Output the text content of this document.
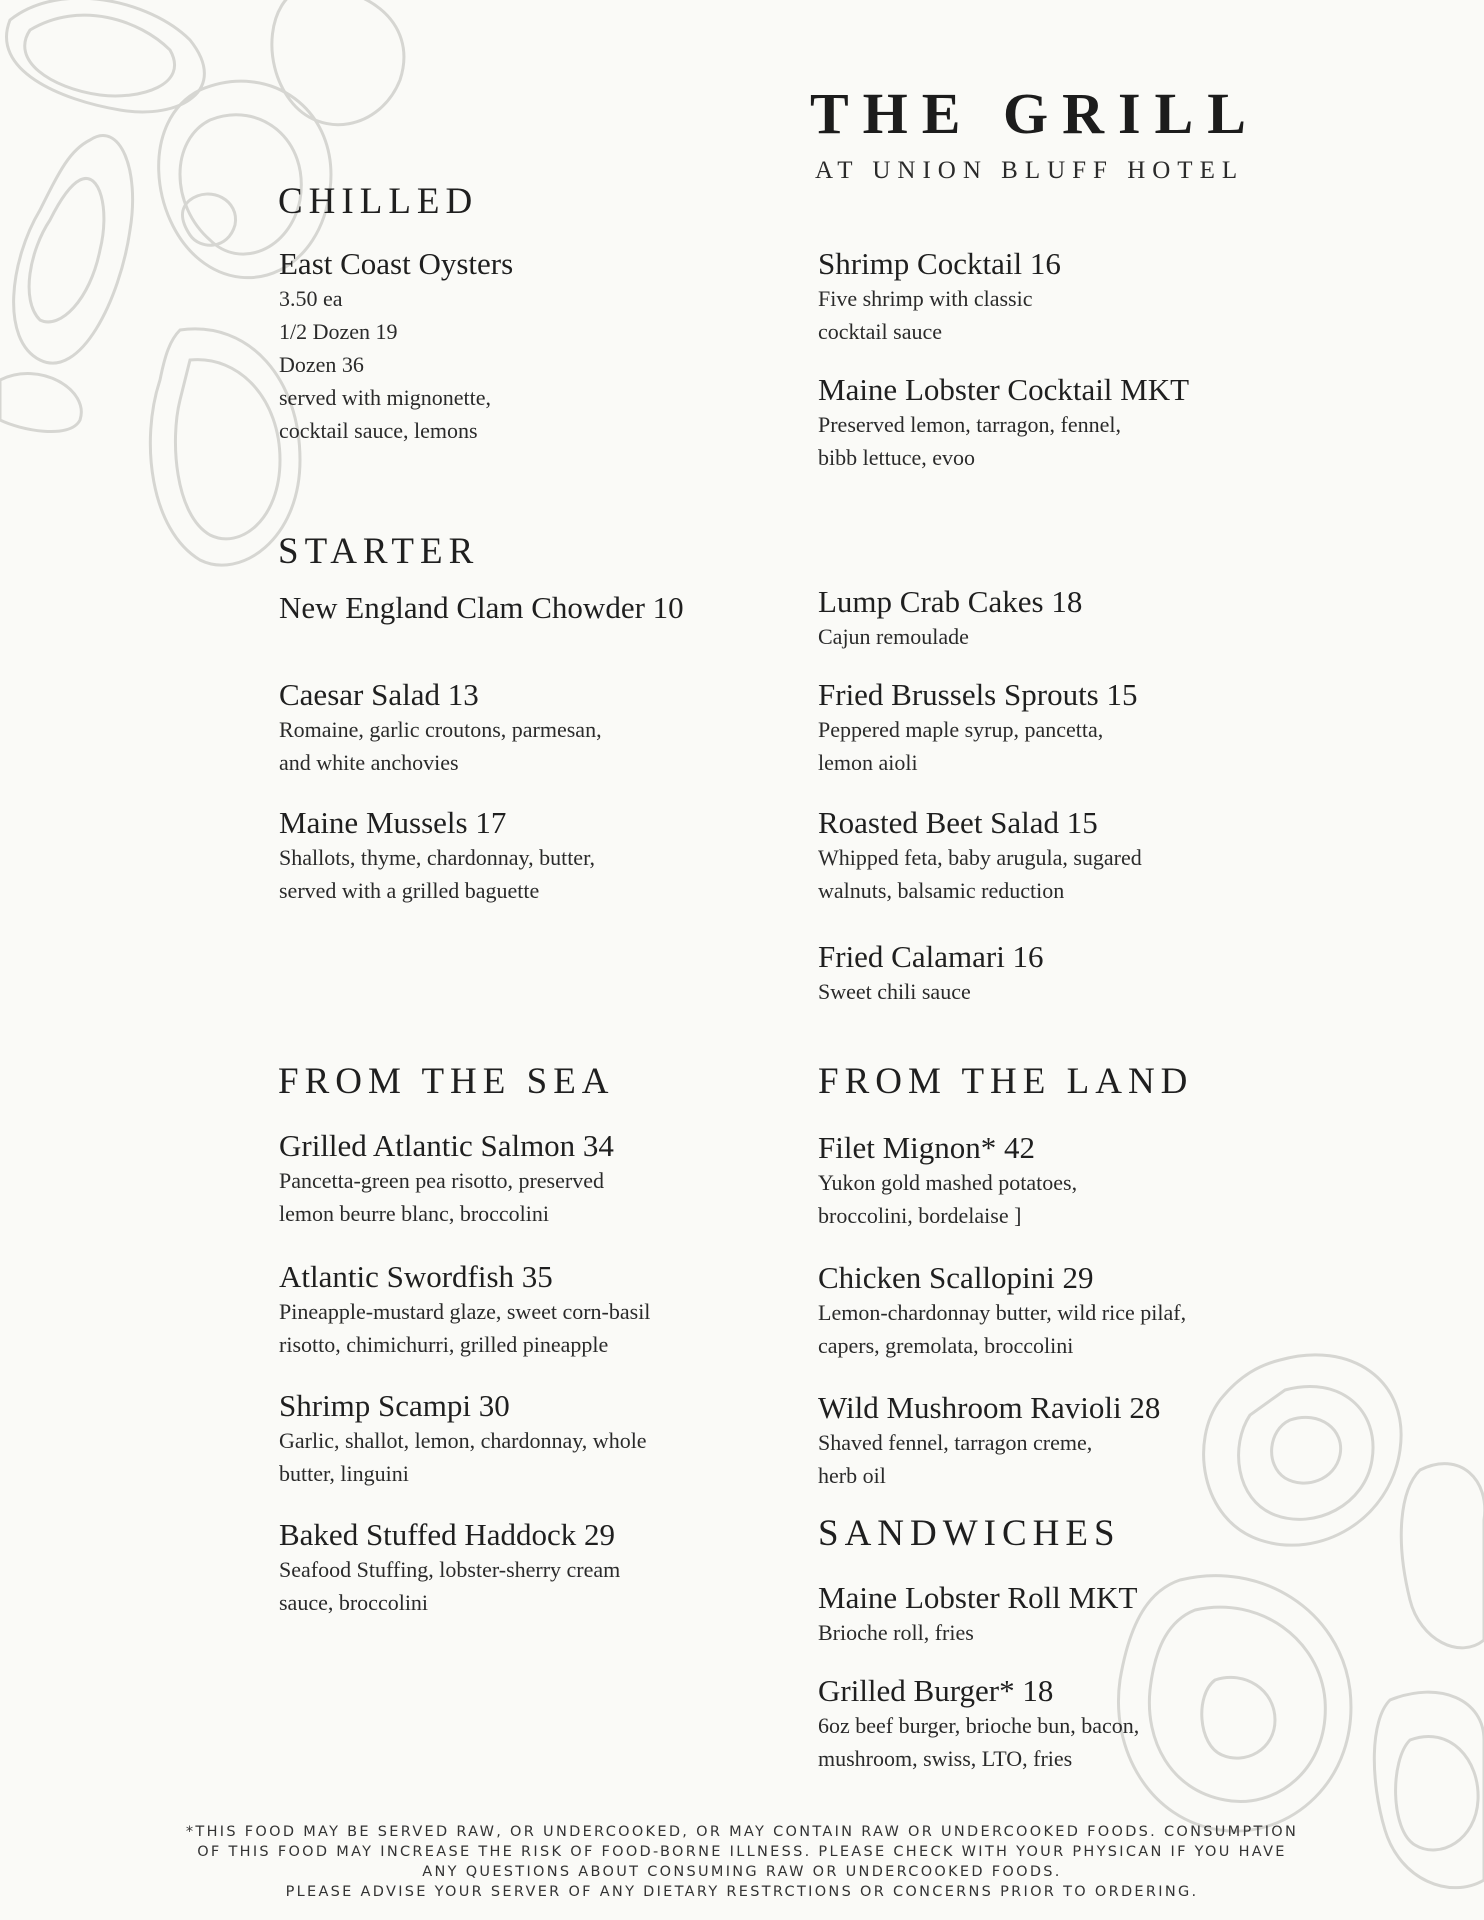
THE GRILL
AT UNION BLUFF HOTEL
CHILLED
East Coast Oysters
3.50 ea
1/2 Dozen 19
Dozen 36
served with mignonette,
cocktail sauce, lemons
Shrimp Cocktail 16
Five shrimp with classic
cocktail sauce
Maine Lobster Cocktail MKT
Preserved lemon, tarragon, fennel,
bibb lettuce, evoo
STARTER
New England Clam Chowder 10
Caesar Salad 13
Romaine, garlic croutons, parmesan,
and white anchovies
Maine Mussels 17
Shallots, thyme, chardonnay, butter,
served with a grilled baguette
Lump Crab Cakes 18
Cajun remoulade
Fried Brussels Sprouts 15
Peppered maple syrup, pancetta,
lemon aioli
Roasted Beet Salad 15
Whipped feta, baby arugula, sugared
walnuts, balsamic reduction
Fried Calamari 16
Sweet chili sauce
FROM THE SEA
Grilled Atlantic Salmon 34
Pancetta-green pea risotto, preserved
lemon beurre blanc, broccolini
Atlantic Swordfish 35
Pineapple-mustard glaze, sweet corn-basil
risotto, chimichurri, grilled pineapple
Shrimp Scampi 30
Garlic, shallot, lemon, chardonnay, whole
butter, linguini
Baked Stuffed Haddock 29
Seafood Stuffing, lobster-sherry cream
sauce, broccolini
FROM THE LAND
Filet Mignon* 42
Yukon gold mashed potatoes,
broccolini, bordelaise ]
Chicken Scallopini 29
Lemon-chardonnay butter, wild rice pilaf,
capers, gremolata, broccolini
Wild Mushroom Ravioli 28
Shaved fennel, tarragon creme,
herb oil
SANDWICHES
Maine Lobster Roll MKT
Brioche roll, fries
Grilled Burger* 18
6oz beef burger, brioche bun, bacon,
mushroom, swiss, LTO, fries
*THIS FOOD MAY BE SERVED RAW, OR UNDERCOOKED, OR MAY CONTAIN RAW OR UNDERCOOKED FOODS. CONSUMPTION
OF THIS FOOD MAY INCREASE THE RISK OF FOOD-BORNE ILLNESS. PLEASE CHECK WITH YOUR PHYSICAN IF YOU HAVE
ANY QUESTIONS ABOUT CONSUMING RAW OR UNDERCOOKED FOODS.
PLEASE ADVISE YOUR SERVER OF ANY DIETARY RESTRCTIONS OR CONCERNS PRIOR TO ORDERING.
